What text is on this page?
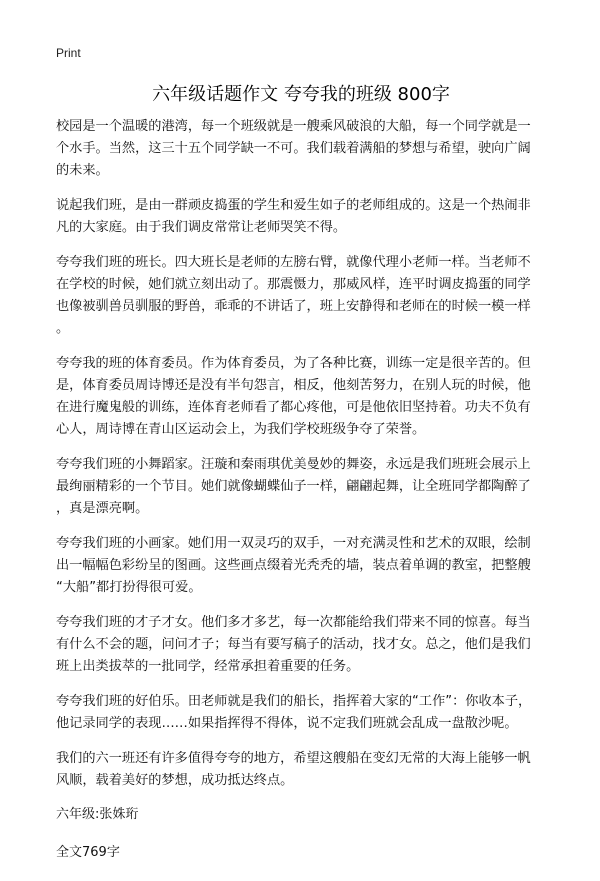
Print
六年级话题作文 夸夸我的班级 800字

校园是一个温暖的港湾，每一个班级就是一艘乘风破浪的大船，每一个同学就是一
个水手。当然，这三十五个同学缺一不可。我们载着满船的梦想与希望，驶向广阔
的未来。

说起我们班，是由一群顽皮捣蛋的学生和爱生如子的老师组成的。这是一个热闹非
凡的大家庭。由于我们调皮常常让老师哭笑不得。

夸夸我们班的班长。四大班长是老师的左膀右臂，就像代理小老师一样。当老师不
在学校的时候，她们就立刻出动了。那震慑力，那威风样，连平时调皮捣蛋的同学
也像被驯兽员驯服的野兽，乖乖的不讲话了，班上安静得和老师在的时候一模一样
。

夸夸我的班的体育委员。作为体育委员，为了各种比赛，训练一定是很辛苦的。但
是，体育委员周诗博还是没有半句怨言，相反，他刻苦努力，在别人玩的时候，他
在进行魔鬼般的训练，连体育老师看了都心疼他，可是他依旧坚持着。功夫不负有
心人，周诗博在青山区运动会上，为我们学校班级争夺了荣誉。

夸夸我们班的小舞蹈家。汪璇和秦雨琪优美曼妙的舞姿，永远是我们班班会展示上
最绚丽精彩的一个节目。她们就像蝴蝶仙子一样，翩翩起舞，让全班同学都陶醉了
，真是漂亮啊。

夸夸我们班的小画家。她们用一双灵巧的双手，一对充满灵性和艺术的双眼，绘制
出一幅幅色彩纷呈的图画。这些画点缀着光秃秃的墙，装点着单调的教室，把整艘
“大船”都打扮得很可爱。

夸夸我们班的才子才女。他们多才多艺，每一次都能给我们带来不同的惊喜。每当
有什么不会的题，问问才子；每当有要写稿子的活动，找才女。总之，他们是我们
班上出类拔萃的一批同学，经常承担着重要的任务。

夸夸我们班的好伯乐。田老师就是我们的船长，指挥着大家的“工作”：你收本子，
他记录同学的表现……如果指挥得不得体，说不定我们班就会乱成一盘散沙呢。

我们的六一班还有许多值得夸夸的地方，希望这艘船在变幻无常的大海上能够一帆
风顺，载着美好的梦想，成功抵达终点。

六年级:张姝珩
全文769字
